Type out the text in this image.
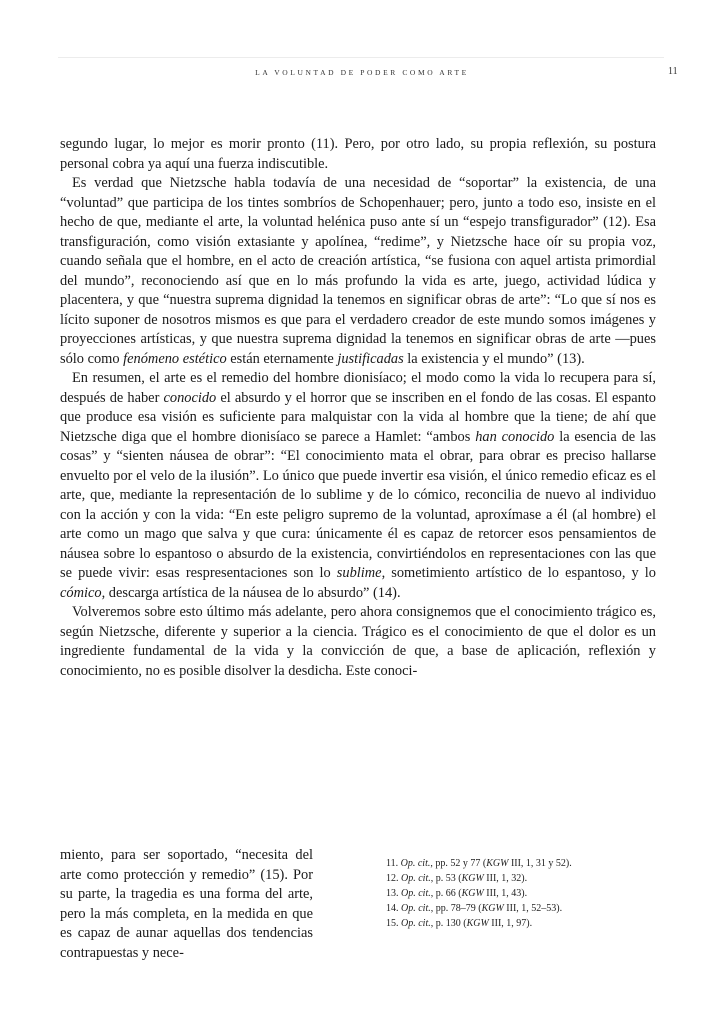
LA VOLUNTAD DE PODER COMO ARTE	11

segundo lugar, lo mejor es morir pronto (11). Pero, por otro lado, su propia reflexión, su postura personal cobra ya aquí una fuerza indiscutible.

Es verdad que Nietzsche habla todavía de una necesidad de “soportar” la existencia, de una “voluntad” que participa de los tintes sombríos de Schopenhauer; pero, junto a todo eso, insiste en el hecho de que, mediante el arte, la voluntad helénica puso ante sí un “espejo transfigurador” (12). Esa transfiguración, como visión extasiante y apolínea, “redime”, y Nietzsche hace oír su propia voz, cuando señala que el hombre, en el acto de creación artística, “se fusiona con aquel artista primordial del mundo”, reconociendo así que en lo más profundo la vida es arte, juego, actividad lúdica y placentera, y que “nuestra suprema dignidad la tenemos en significar obras de arte”: “Lo que sí nos es lícito suponer de nosotros mismos es que para el verdadero creador de este mundo somos imágenes y proyecciones artísticas, y que nuestra suprema dignidad la tenemos en significar obras de arte —pues sólo como fenómeno estético están eternamente justificadas la existencia y el mundo” (13).

En resumen, el arte es el remedio del hombre dionisíaco; el modo como la vida lo recupera para sí, después de haber conocido el absurdo y el horror que se inscriben en el fondo de las cosas. El espanto que produce esa visión es suficiente para malquistar con la vida al hombre que la tiene; de ahí que Nietzsche diga que el hombre dionisíaco se parece a Hamlet: “ambos han conocido la esencia de las cosas” y “sienten náusea de obrar”: “El conocimiento mata el obrar, para obrar es preciso hallarse envuelto por el velo de la ilusión”. Lo único que puede invertir esa visión, el único remedio eficaz es el arte, que, mediante la representación de lo sublime y de lo cómico, reconcilia de nuevo al individuo con la acción y con la vida: “En este peligro supremo de la voluntad, aproxímase a él (al hombre) el arte como un mago que salva y que cura: únicamente él es capaz de retorcer esos pensamientos de náusea sobre lo espantoso o absurdo de la existencia, convirtiéndolos en representaciones con las que se puede vivir: esas respresentaciones son lo sublime, sometimiento artístico de lo espantoso, y lo cómico, descarga artística de la náusea de lo absurdo” (14).

Volveremos sobre esto último más adelante, pero ahora consignemos que el conocimiento trágico es, según Nietzsche, diferente y superior a la ciencia. Trágico es el conocimiento de que el dolor es un ingrediente fundamental de la vida y la convicción de que, a base de aplicación, reflexión y conocimiento, no es posible disolver la desdicha. Este conoci-

miento, para ser soportado, “necesita del arte como protección y remedio” (15). Por su parte, la tragedia es una forma del arte, pero la más completa, en la medida en que es capaz de aunar aquellas dos tendencias contrapuestas y nece-

11. Op. cit., pp. 52 y 77 (KGW III, 1, 31 y 52).

12. Op. cit., p. 53 (KGW III, 1, 32).

13. Op. cit., p. 66 (KGW III, 1, 43).

14. Op. cit., pp. 78–79 (KGW III, 1, 52–53).

15. Op. cit., p. 130 (KGW III, 1, 97).
